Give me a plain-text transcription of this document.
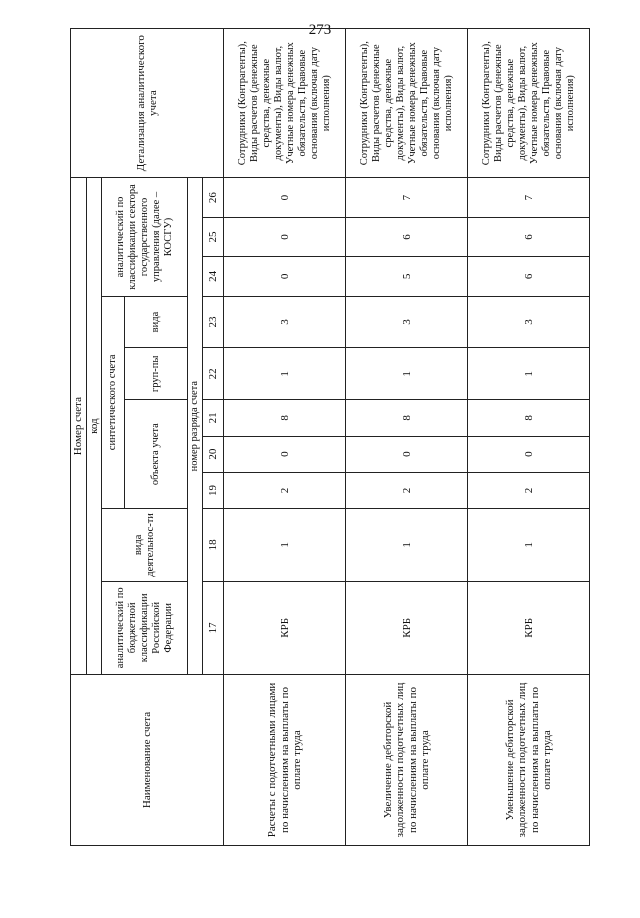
273
Наименование счета	Номер счета										Детализация аналитического учета
	код										
	аналитический по бюджетной классификации Российской Федерации	вида деятельнос-ти	синтетического счета					аналитический по классификации сектора государственного управления (далее – КОСГУ)			
			объекта учета			груп-пы	вида				
	номер разряда счета										
	17	18	19	20	21	22	23	24	25	26	
Расчеты с подотчетными лицами по начислениям на выплаты по оплате труда	КРБ	1	2	0	8	1	3	0	0	0	Сотрудники (Контрагенты), Виды расчетов (денежные средства, денежные документы), Виды валют, Учетные номера денежных обязательств, Правовые основания (включая дату исполнения)
Увеличение дебиторской задолженности подотчетных лиц по начислениям на выплаты по оплате труда	КРБ	1	2	0	8	1	3	5	6	7	Сотрудники (Контрагенты), Виды расчетов (денежные средства, денежные документы), Виды валют, Учетные номера денежных обязательств, Правовые основания (включая дату исполнения)
Уменьшение дебиторской задолженности подотчетных лиц по начислениям на выплаты по оплате труда	КРБ	1	2	0	8	1	3	6	6	7	Сотрудники (Контрагенты), Виды расчетов (денежные средства, денежные документы), Виды валют, Учетные номера денежных обязательств, Правовые основания (включая дату исполнения)
